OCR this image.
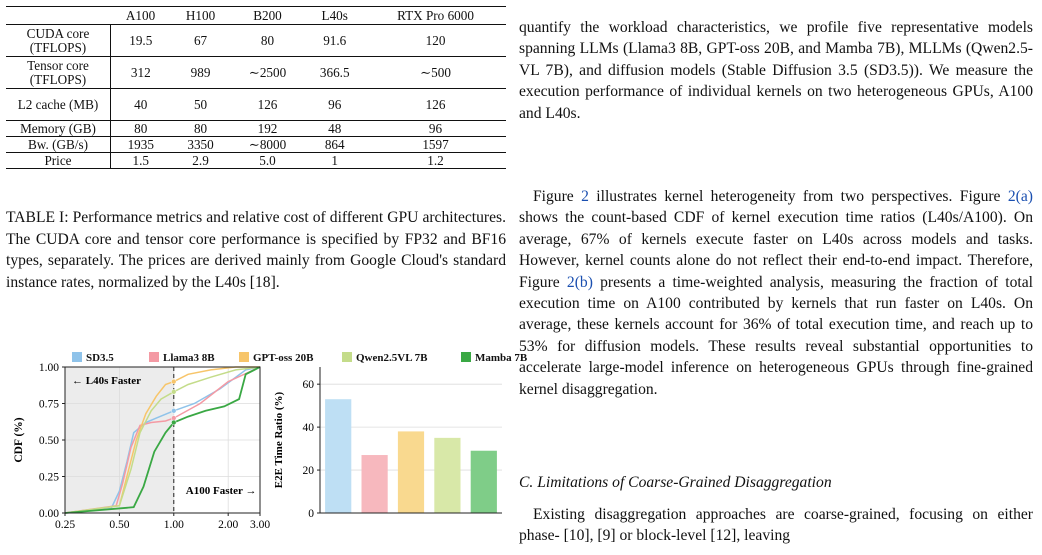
	A100	H100	B200	L40s	RTX Pro 6000
CUDA core (TFLOPS)	19.5	67	80	91.6	120
Tensor core (TFLOPS)	312	989	∼2500	366.5	∼500
L2 cache (MB)	40	50	126	96	126
Memory (GB)	80	80	192	48	96
Bw. (GB/s)	1935	3350	∼8000	864	1597
Price	1.5	2.9	5.0	1	1.2
TABLE I: Performance metrics and relative cost of different GPU architectures. The CUDA core and tensor core performance is specified by FP32 and BF16 types, separately. The prices are derived mainly from Google Cloud's standard instance rates, normalized by the L40s [18].
SD3.5	Llama3 8B	GPT-oss 20B	Qwen2.5VL 7B	Mamba 7B
0.00
0.25
0.50
0.75
1.00
0.25	0.50	1.00	2.00 3.00
CDF (%)
← L40s Faster
A100 Faster →
0
20
40
60
E2E Time Ratio (%)

quantify the workload characteristics, we profile five representative models spanning LLMs (Llama3 8B, GPT-oss 20B, and Mamba 7B), MLLMs (Qwen2.5-VL 7B), and diffusion models (Stable Diffusion 3.5 (SD3.5)). We measure the execution performance of individual kernels on two heterogeneous GPUs, A100 and L40s.

Figure 2 illustrates kernel heterogeneity from two perspectives. Figure 2(a) shows the count-based CDF of kernel execution time ratios (L40s/A100). On average, 67% of kernels execute faster on L40s across models and tasks. However, kernel counts alone do not reflect their end-to-end impact. Therefore, Figure 2(b) presents a time-weighted analysis, measuring the fraction of total execution time on A100 contributed by kernels that run faster on L40s. On average, these kernels account for 36% of total execution time, and reach up to 53% for diffusion models. These results reveal substantial opportunities to accelerate large-model inference on heterogeneous GPUs through fine-grained kernel disaggregation.

C. Limitations of Coarse-Grained Disaggregation

Existing disaggregation approaches are coarse-grained, focusing on either phase- [10], [9] or block-level [12], leaving
